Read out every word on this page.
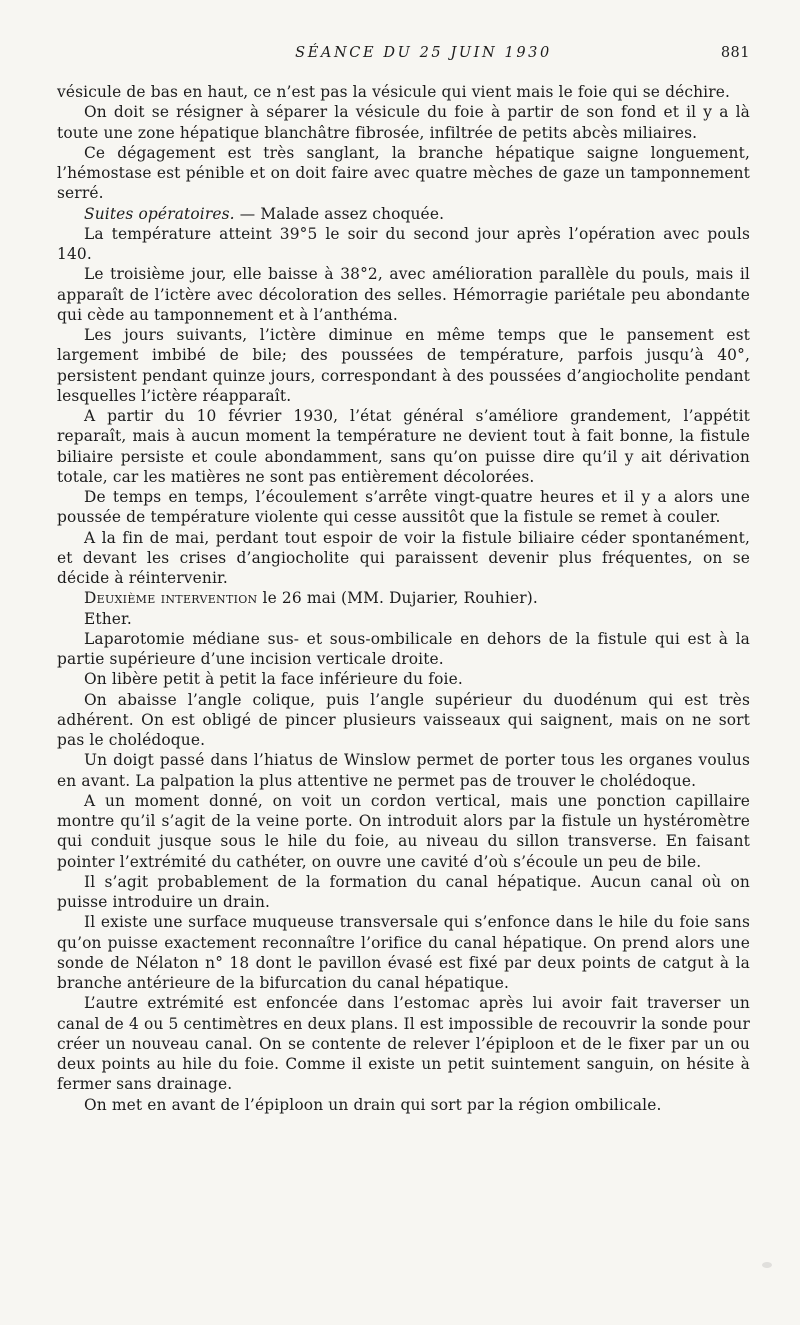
SÉANCE DU 25 JUIN 1930	881

vésicule de bas en haut, ce n’est pas la vésicule qui vient mais le foie qui se déchire.

On doit se résigner à séparer la vésicule du foie à partir de son fond et il y a là toute une zone hépatique blanchâtre fibrosée, infiltrée de petits abcès miliaires.

Ce dégagement est très sanglant, la branche hépatique saigne longuement, l’hémostase est pénible et on doit faire avec quatre mèches de gaze un tamponnement serré.

Suites opératoires. — Malade assez choquée.

La température atteint 39°5 le soir du second jour après l’opération avec pouls 140.

Le troisième jour, elle baisse à 38°2, avec amélioration parallèle du pouls, mais il apparaît de l’ictère avec décoloration des selles. Hémorragie pariétale peu abondante qui cède au tamponnement et à l’anthéma.

Les jours suivants, l’ictère diminue en même temps que le pansement est largement imbibé de bile; des poussées de température, parfois jusqu’à 40°, persistent pendant quinze jours, correspondant à des poussées d’angiocholite pendant lesquelles l’ictère réapparaît.

A partir du 10 février 1930, l’état général s’améliore grandement, l’appétit reparaît, mais à aucun moment la température ne devient tout à fait bonne, la fistule biliaire persiste et coule abondamment, sans qu’on puisse dire qu’il y ait dérivation totale, car les matières ne sont pas entièrement décolorées.

De temps en temps, l’écoulement s’arrête vingt-quatre heures et il y a alors une poussée de température violente qui cesse aussitôt que la fistule se remet à couler.

A la fin de mai, perdant tout espoir de voir la fistule biliaire céder spontanément, et devant les crises d’angiocholite qui paraissent devenir plus fréquentes, on se décide à réintervenir.

Deuxième intervention le 26 mai (MM. Dujarier, Rouhier).

Ether.

Laparotomie médiane sus- et sous-ombilicale en dehors de la fistule qui est à la partie supérieure d’une incision verticale droite.

On libère petit à petit la face inférieure du foie.

On abaisse l’angle colique, puis l’angle supérieur du duodénum qui est très adhérent. On est obligé de pincer plusieurs vaisseaux qui saignent, mais on ne sort pas le cholédoque.

Un doigt passé dans l’hiatus de Winslow permet de porter tous les organes voulus en avant. La palpation la plus attentive ne permet pas de trouver le cholédoque.

A un moment donné, on voit un cordon vertical, mais une ponction capillaire montre qu’il s’agit de la veine porte. On introduit alors par la fistule un hystéromètre qui conduit jusque sous le hile du foie, au niveau du sillon transverse. En faisant pointer l’extrémité du cathéter, on ouvre une cavité d’où s’écoule un peu de bile.

Il s’agit probablement de la formation du canal hépatique. Aucun canal où on puisse introduire un drain.

Il existe une surface muqueuse transversale qui s’enfonce dans le hile du foie sans qu’on puisse exactement reconnaître l’orifice du canal hépatique. On prend alors une sonde de Nélaton n° 18 dont le pavillon évasé est fixé par deux points de catgut à la branche antérieure de la bifurcation du canal hépatique.

L’autre extrémité est enfoncée dans l’estomac après lui avoir fait traverser un canal de 4 ou 5 centimètres en deux plans. Il est impossible de recouvrir la sonde pour créer un nouveau canal. On se contente de relever l’épiploon et de le fixer par un ou deux points au hile du foie. Comme il existe un petit suintement sanguin, on hésite à fermer sans drainage.

On met en avant de l’épiploon un drain qui sort par la région ombilicale.
